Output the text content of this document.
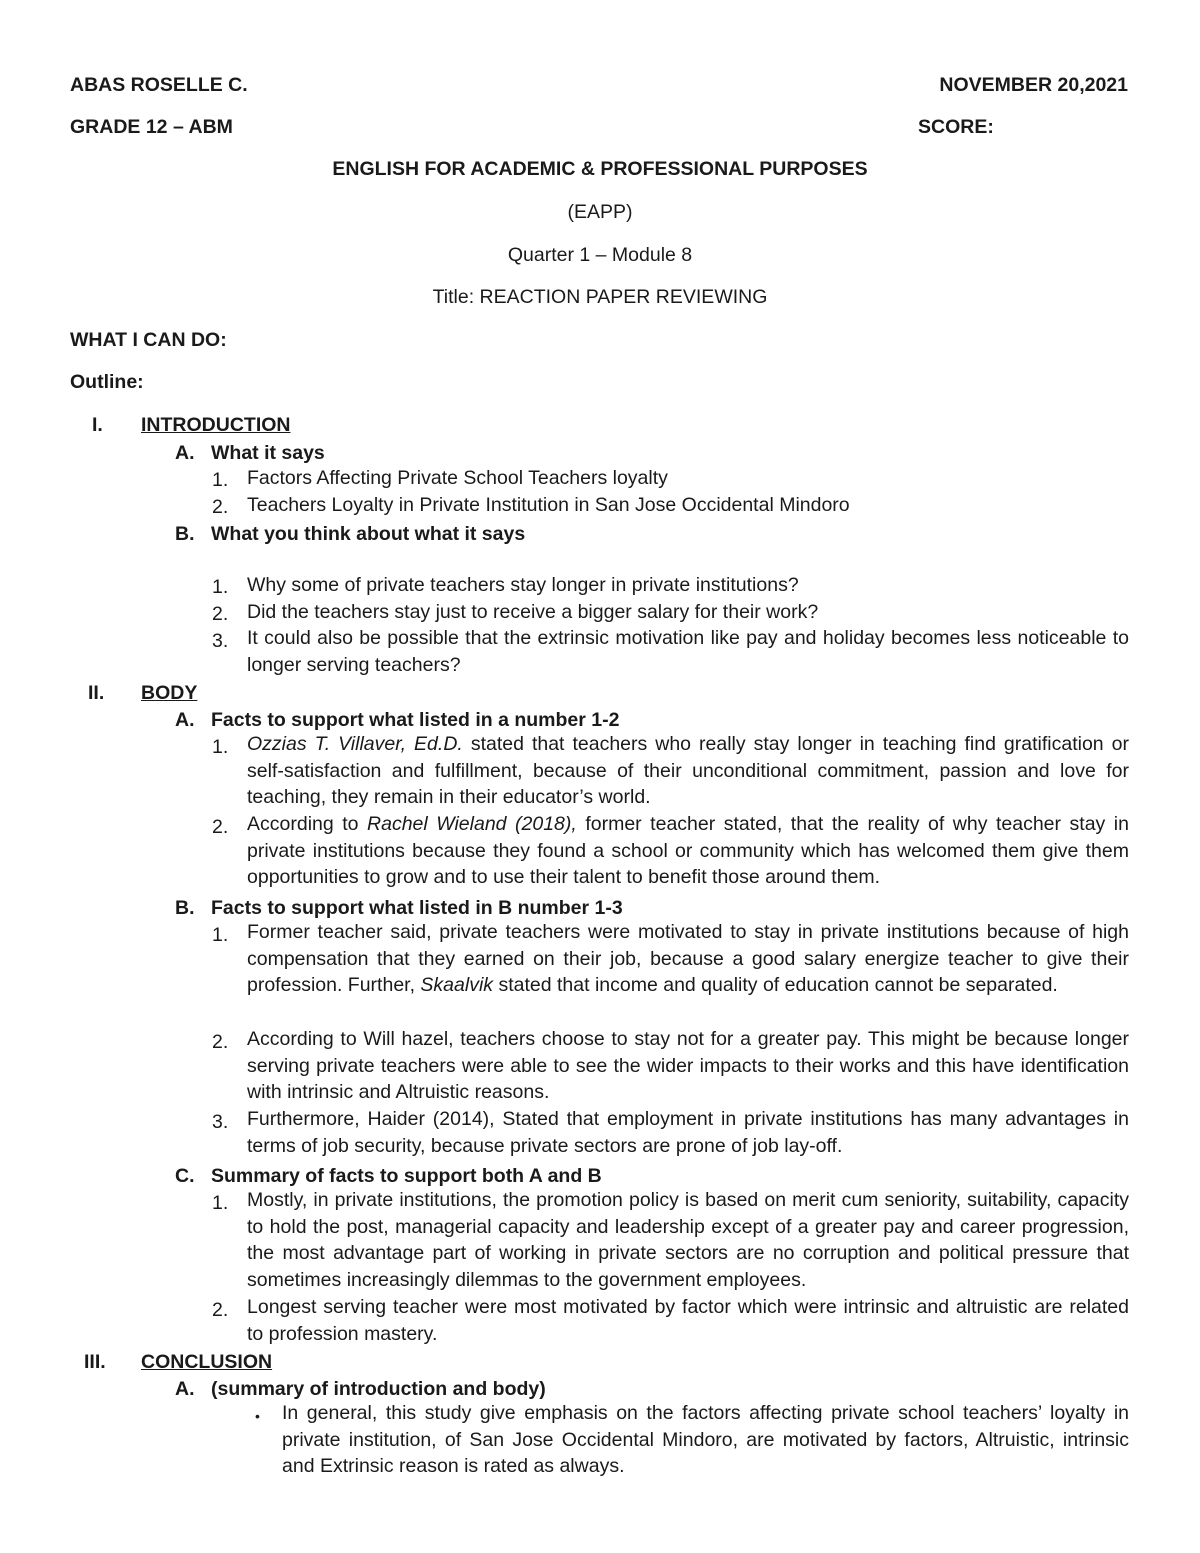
ABAS ROSELLE C.	NOVEMBER 20,2021
GRADE 12 – ABM	SCORE:
ENGLISH FOR ACADEMIC & PROFESSIONAL PURPOSES
(EAPP)
Quarter 1 – Module 8
Title: REACTION PAPER REVIEWING
WHAT I CAN DO:
Outline:
I. INTRODUCTION
A. What it says
1. Factors Affecting Private School Teachers loyalty
2. Teachers Loyalty in Private Institution in San Jose Occidental Mindoro
B. What you think about what it says
1. Why some of private teachers stay longer in private institutions?
2. Did the teachers stay just to receive a bigger salary for their work?
3. It could also be possible that the extrinsic motivation like pay and holiday becomes less noticeable to longer serving teachers?
II. BODY
A. Facts to support what listed in a number 1-2
1. Ozzias T. Villaver, Ed.D. stated that teachers who really stay longer in teaching find gratification or self-satisfaction and fulfillment, because of their unconditional commitment, passion and love for teaching, they remain in their educator’s world.
2. According to Rachel Wieland (2018), former teacher stated, that the reality of why teacher stay in private institutions because they found a school or community which has welcomed them give them opportunities to grow and to use their talent to benefit those around them.
B. Facts to support what listed in B number 1-3
1. Former teacher said, private teachers were motivated to stay in private institutions because of high compensation that they earned on their job, because a good salary energize teacher to give their profession. Further, Skaalvik stated that income and quality of education cannot be separated.
2. According to Will hazel, teachers choose to stay not for a greater pay. This might be because longer serving private teachers were able to see the wider impacts to their works and this have identification with intrinsic and Altruistic reasons.
3. Furthermore, Haider (2014), Stated that employment in private institutions has many advantages in terms of job security, because private sectors are prone of job lay-off.
C. Summary of facts to support both A and B
1. Mostly, in private institutions, the promotion policy is based on merit cum seniority, suitability, capacity to hold the post, managerial capacity and leadership except of a greater pay and career progression, the most advantage part of working in private sectors are no corruption and political pressure that sometimes increasingly dilemmas to the government employees.
2. Longest serving teacher were most motivated by factor which were intrinsic and altruistic are related to profession mastery.
III. CONCLUSION
A. (summary of introduction and body)
• In general, this study give emphasis on the factors affecting private school teachers’ loyalty in private institution, of San Jose Occidental Mindoro, are motivated by factors, Altruistic, intrinsic and Extrinsic reason is rated as always.
